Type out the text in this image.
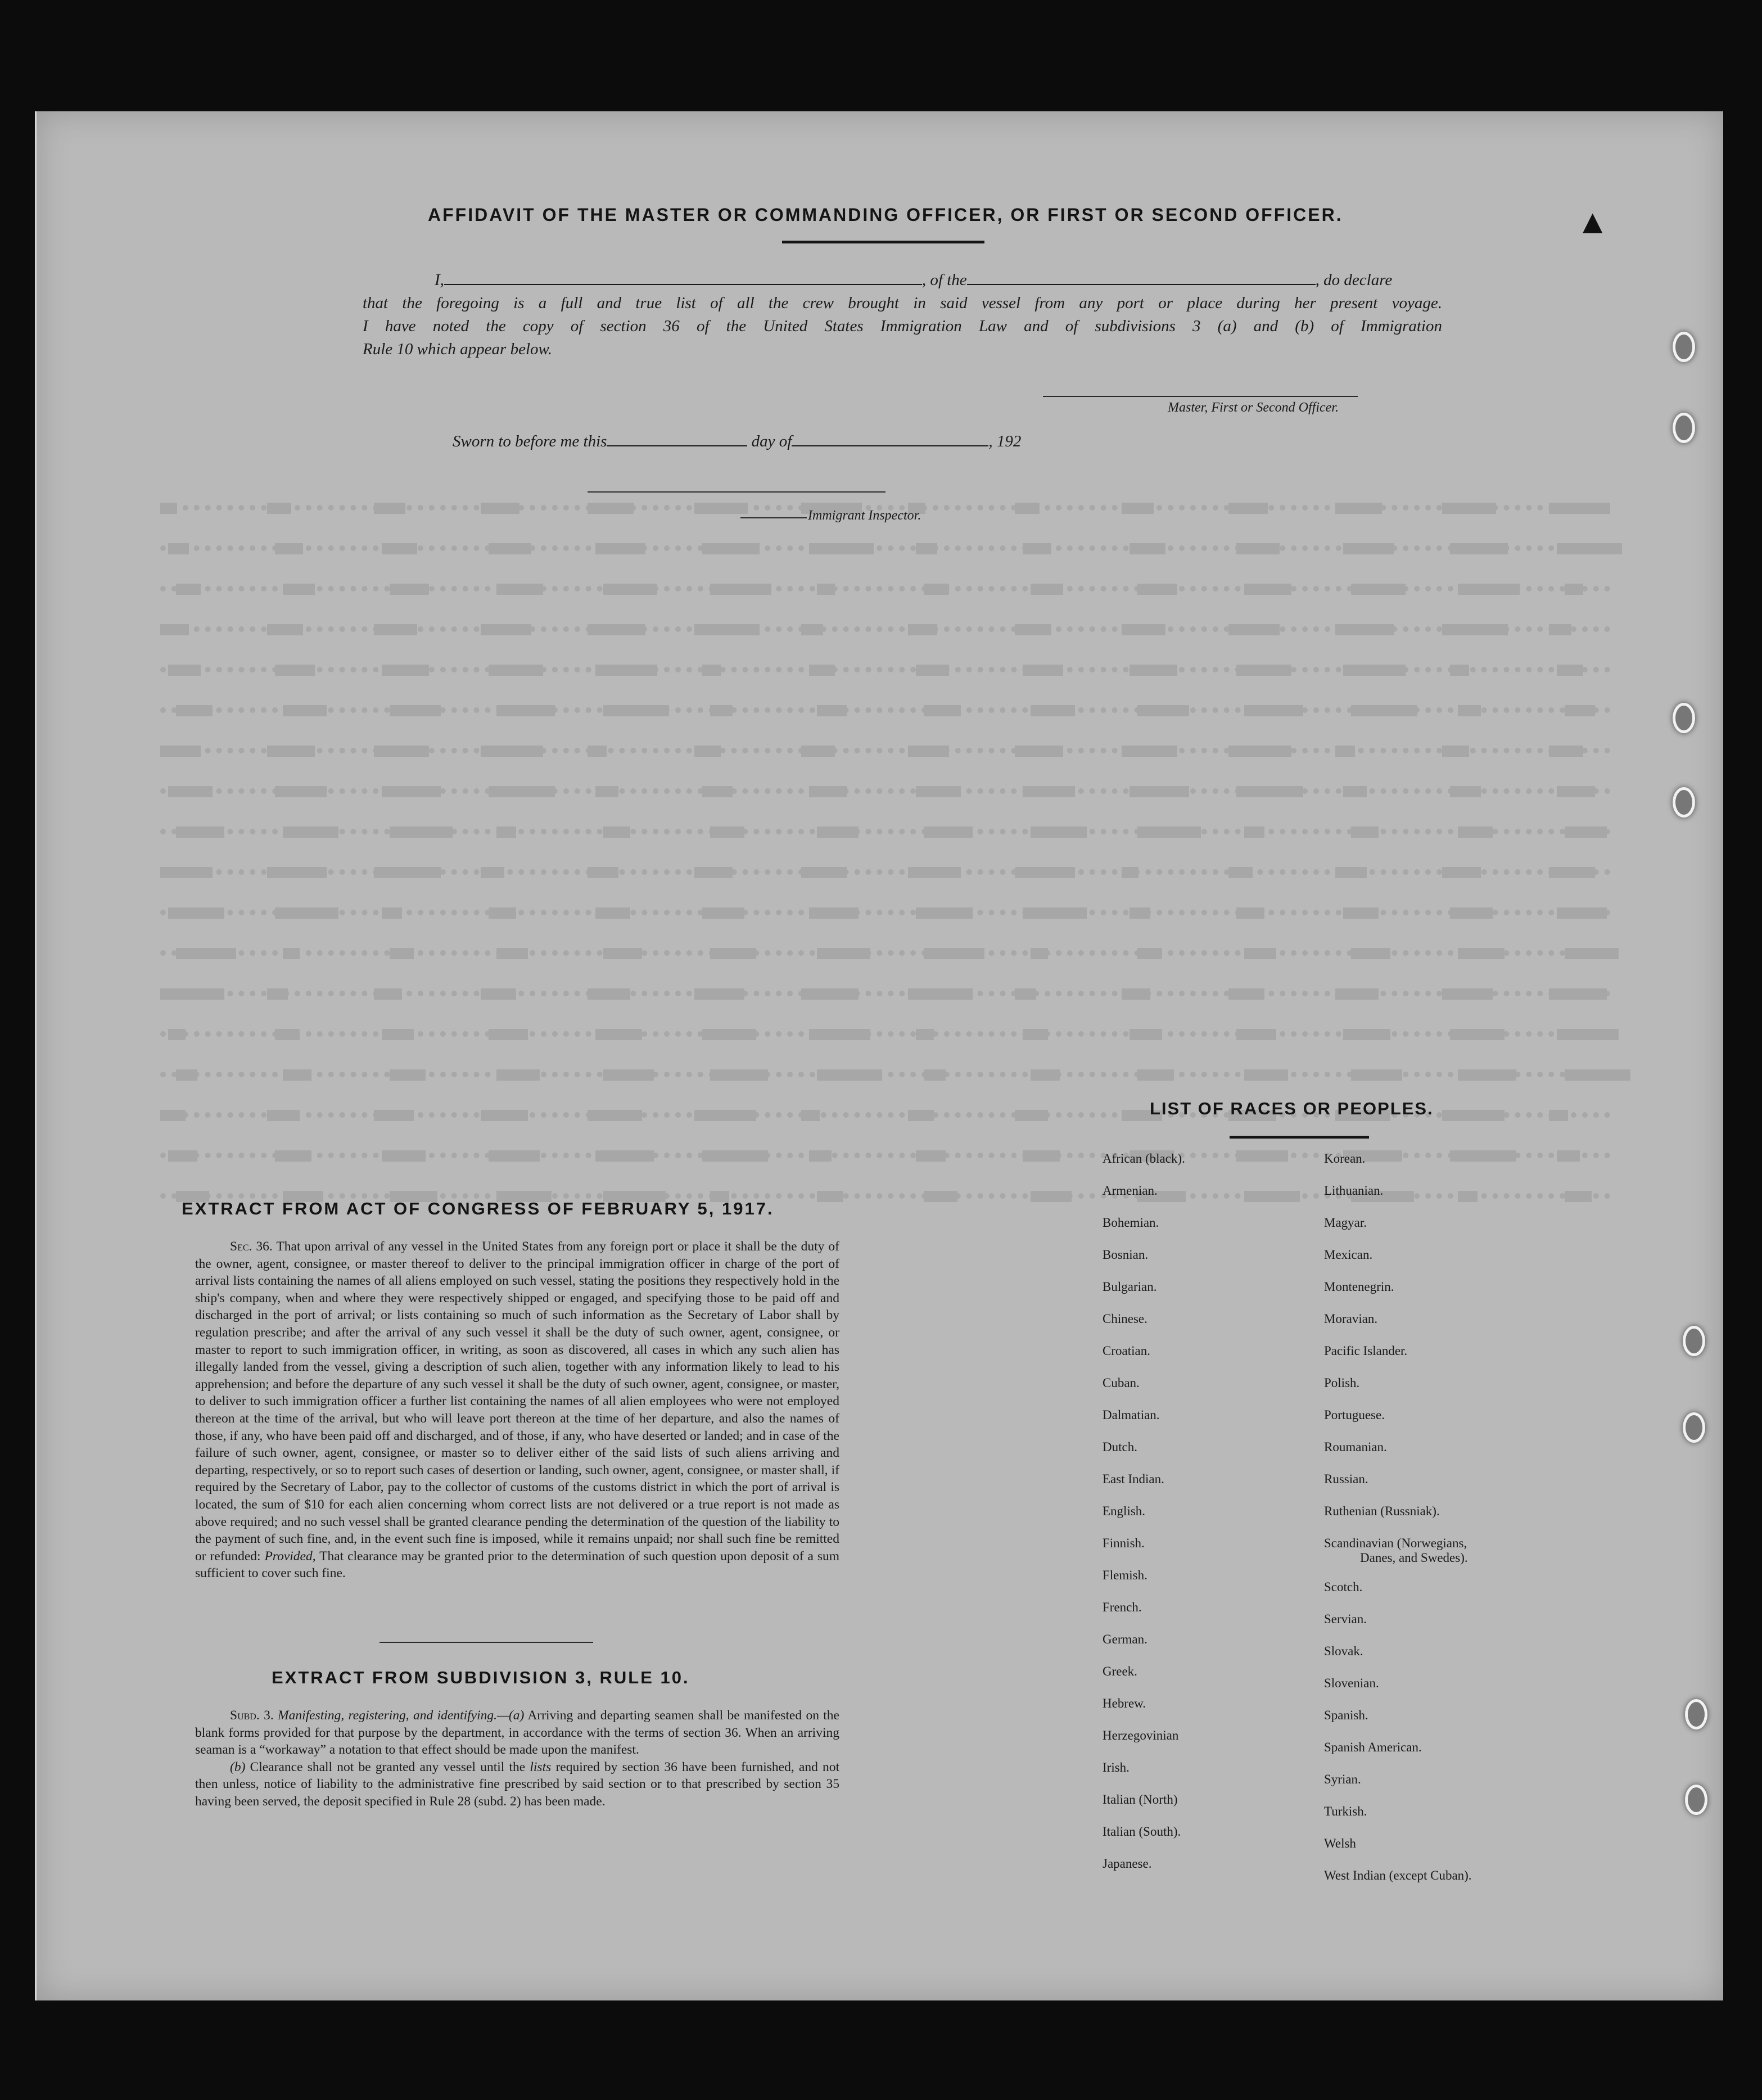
▲
AFFIDAVIT OF THE MASTER OR COMMANDING OFFICER, OR FIRST OR SECOND OFFICER.
I,	, of the	, do declare
that the foregoing is a full and true list of all the crew brought in said vessel from any port or place during her present voyage.
I have noted the copy of section 36 of the United States Immigration Law and of subdivisions 3 (a) and (b) of Immigration
Rule 10 which appear below.
Master, First or Second Officer.
Sworn to before me this	day of	, 192
Immigrant Inspector.
EXTRACT FROM ACT OF CONGRESS OF FEBRUARY 5, 1917.

Sec. 36. That upon arrival of any vessel in the United States from any foreign port or place it shall be the duty of the owner, agent, consignee, or master thereof to deliver to the principal immigration officer in charge of the port of arrival lists containing the names of all aliens employed on such vessel, stating the positions they respectively hold in the ship's company, when and where they were respectively shipped or engaged, and specifying those to be paid off and discharged in the port of arrival; or lists containing so much of such information as the Secretary of Labor shall by regulation prescribe; and after the arrival of any such vessel it shall be the duty of such owner, agent, consignee, or master to report to such immigration officer, in writing, as soon as discovered, all cases in which any such alien has illegally landed from the vessel, giving a description of such alien, together with any information likely to lead to his apprehension; and before the departure of any such vessel it shall be the duty of such owner, agent, consignee, or master, to deliver to such immigration officer a further list containing the names of all alien employees who were not employed thereon at the time of the arrival, but who will leave port thereon at the time of her departure, and also the names of those, if any, who have been paid off and discharged, and of those, if any, who have deserted or landed; and in case of the failure of such owner, agent, consignee, or master so to deliver either of the said lists of such aliens arriving and departing, respectively, or so to report such cases of desertion or landing, such owner, agent, consignee, or master shall, if required by the Secretary of Labor, pay to the collector of customs of the customs district in which the port of arrival is located, the sum of $10 for each alien concerning whom correct lists are not delivered or a true report is not made as above required; and no such vessel shall be granted clearance pending the determination of the question of the liability to the payment of such fine, and, in the event such fine is imposed, while it remains unpaid; nor shall such fine be remitted or refunded: Provided, That clearance may be granted prior to the determination of such question upon deposit of a sum sufficient to cover such fine.

EXTRACT FROM SUBDIVISION 3, RULE 10.

Subd. 3. Manifesting, registering, and identifying.—(a) Arriving and departing seamen shall be manifested on the blank forms provided for that purpose by the department, in accordance with the terms of section 36. When an arriving seaman is a “workaway” a notation to that effect should be made upon the manifest.

(b) Clearance shall not be granted any vessel until the lists required by section 36 have been furnished, and not then unless, notice of liability to the administrative fine prescribed by said section or to that prescribed by section 35 having been served, the deposit specified in Rule 28 (subd. 2) has been made.

LIST OF RACES OR PEOPLES.
African (black).
Armenian.
Bohemian.
Bosnian.
Bulgarian.
Chinese.
Croatian.
Cuban.
Dalmatian.
Dutch.
East Indian.
English.
Finnish.
Flemish.
French.
German.
Greek.
Hebrew.
Herzegovinian
Irish.
Italian (North)
Italian (South).
Japanese.
Korean.
Lithuanian.
Magyar.
Mexican.
Montenegrin.
Moravian.
Pacific Islander.
Polish.
Portuguese.
Roumanian.
Russian.
Ruthenian (Russniak).
Scandinavian (Norwegians,
Danes, and Swedes).
Scotch.
Servian.
Slovak.
Slovenian.
Spanish.
Spanish American.
Syrian.
Turkish.
Welsh
West Indian (except Cuban).
